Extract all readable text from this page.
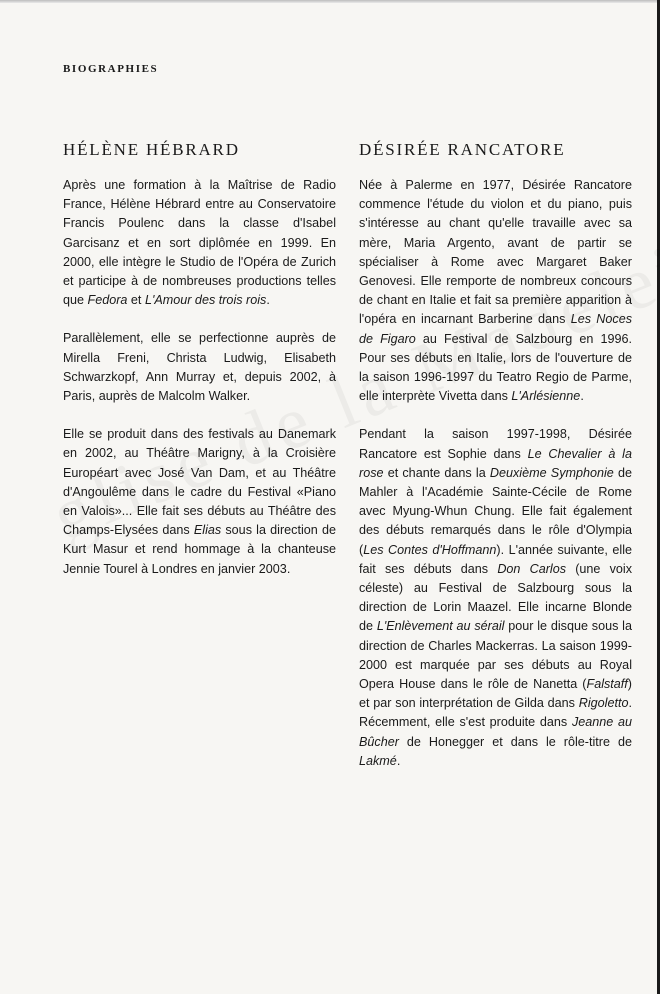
BIOGRAPHIES
HÉLÈNE HÉBRARD

Après une formation à la Maîtrise de Radio France, Hélène Hébrard entre au Conservatoire Francis Poulenc dans la classe d'Isabel Garcisanz et en sort diplômée en 1999. En 2000, elle intègre le Studio de l'Opéra de Zurich et participe à de nombreuses productions telles que Fedora et L'Amour des trois rois.

Parallèlement, elle se perfectionne auprès de Mirella Freni, Christa Ludwig, Elisabeth Schwarzkopf, Ann Murray et, depuis 2002, à Paris, auprès de Malcolm Walker.

Elle se produit dans des festivals au Danemark en 2002, au Théâtre Marigny, à la Croisière Européart avec José Van Dam, et au Théâtre d'Angoulême dans le cadre du Festival «Piano en Valois»... Elle fait ses débuts au Théâtre des Champs-Elysées dans Elias sous la direction de Kurt Masur et rend hommage à la chanteuse Jennie Tourel à Londres en janvier 2003.

DÉSIRÉE RANCATORE

Née à Palerme en 1977, Désirée Rancatore commence l'étude du violon et du piano, puis s'intéresse au chant qu'elle travaille avec sa mère, Maria Argento, avant de partir se spécialiser à Rome avec Margaret Baker Genovesi. Elle remporte de nombreux concours de chant en Italie et fait sa première apparition à l'opéra en incarnant Barberine dans Les Noces de Figaro au Festival de Salzbourg en 1996. Pour ses débuts en Italie, lors de l'ouverture de la saison 1996-1997 du Teatro Regio de Parme, elle interprète Vivetta dans L'Arlésienne.

Pendant la saison 1997-1998, Désirée Rancatore est Sophie dans Le Chevalier à la rose et chante dans la Deuxième Symphonie de Mahler à l'Académie Sainte-Cécile de Rome avec Myung-Whun Chung. Elle fait également des débuts remarqués dans le rôle d'Olympia (Les Contes d'Hoffmann). L'année suivante, elle fait ses débuts dans Don Carlos (une voix céleste) au Festival de Salzbourg sous la direction de Lorin Maazel. Elle incarne Blonde de L'Enlèvement au sérail pour le disque sous la direction de Charles Mackerras. La saison 1999-2000 est marquée par ses débuts au Royal Opera House dans le rôle de Nanetta (Falstaff) et par son interprétation de Gilda dans Rigoletto. Récemment, elle s'est produite dans Jeanne au Bûcher de Honegger et dans le rôle-titre de Lakmé.
